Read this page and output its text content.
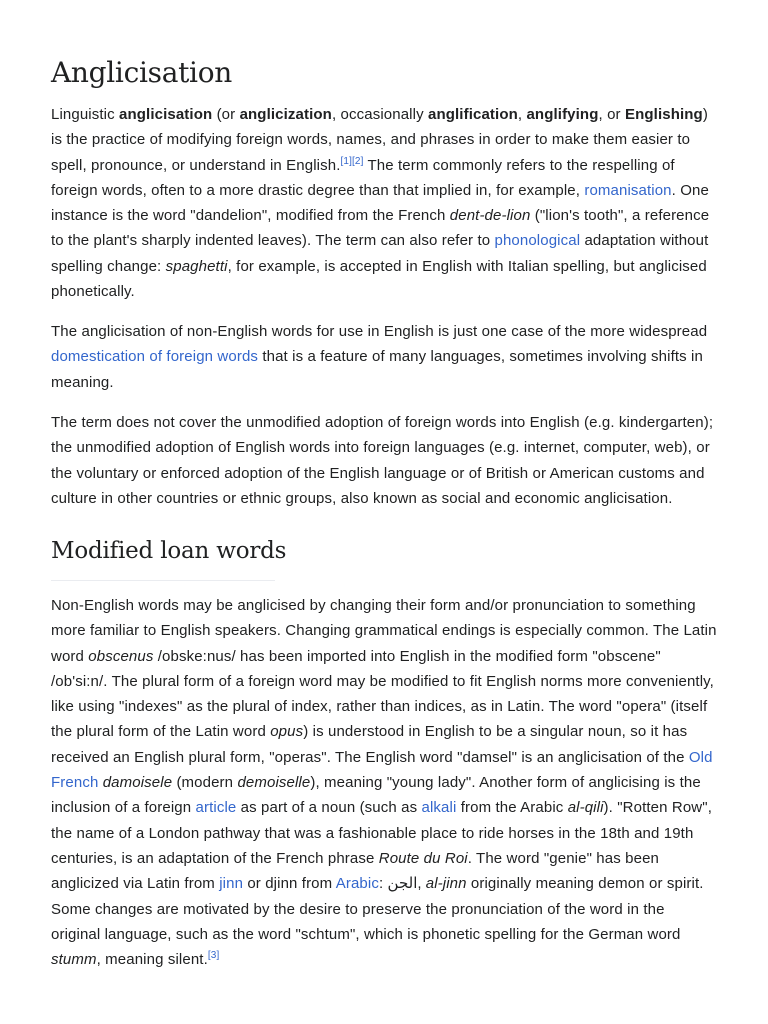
Anglicisation

Linguistic anglicisation (or anglicization, occasionally anglification, anglifying, or Englishing) is the practice of modifying foreign words, names, and phrases in order to make them easier to spell, pronounce, or understand in English.[1][2] The term commonly refers to the respelling of foreign words, often to a more drastic degree than that implied in, for example, romanisation. One instance is the word "dandelion", modified from the French dent-de-lion ("lion's tooth", a reference to the plant's sharply indented leaves). The term can also refer to phonological adaptation without spelling change: spaghetti, for example, is accepted in English with Italian spelling, but anglicised phonetically.

The anglicisation of non-English words for use in English is just one case of the more widespread domestication of foreign words that is a feature of many languages, sometimes involving shifts in meaning.

The term does not cover the unmodified adoption of foreign words into English (e.g. kindergarten); the unmodified adoption of English words into foreign languages (e.g. internet, computer, web), or the voluntary or enforced adoption of the English language or of British or American customs and culture in other countries or ethnic groups, also known as social and economic anglicisation.

Modified loan words

Non-English words may be anglicised by changing their form and/or pronunciation to something more familiar to English speakers. Changing grammatical endings is especially common. The Latin word obscenus /obske:nus/ has been imported into English in the modified form "obscene" /ob'si:n/. The plural form of a foreign word may be modified to fit English norms more conveniently, like using "indexes" as the plural of index, rather than indices, as in Latin. The word "opera" (itself the plural form of the Latin word opus) is understood in English to be a singular noun, so it has received an English plural form, "operas". The English word "damsel" is an anglicisation of the Old French damoisele (modern demoiselle), meaning "young lady". Another form of anglicising is the inclusion of a foreign article as part of a noun (such as alkali from the Arabic al-qili). "Rotten Row", the name of a London pathway that was a fashionable place to ride horses in the 18th and 19th centuries, is an adaptation of the French phrase Route du Roi. The word "genie" has been anglicized via Latin from jinn or djinn from Arabic: الجن, al-jinn originally meaning demon or spirit. Some changes are motivated by the desire to preserve the pronunciation of the word in the original language, such as the word "schtum", which is phonetic spelling for the German word stumm, meaning silent.[3]
